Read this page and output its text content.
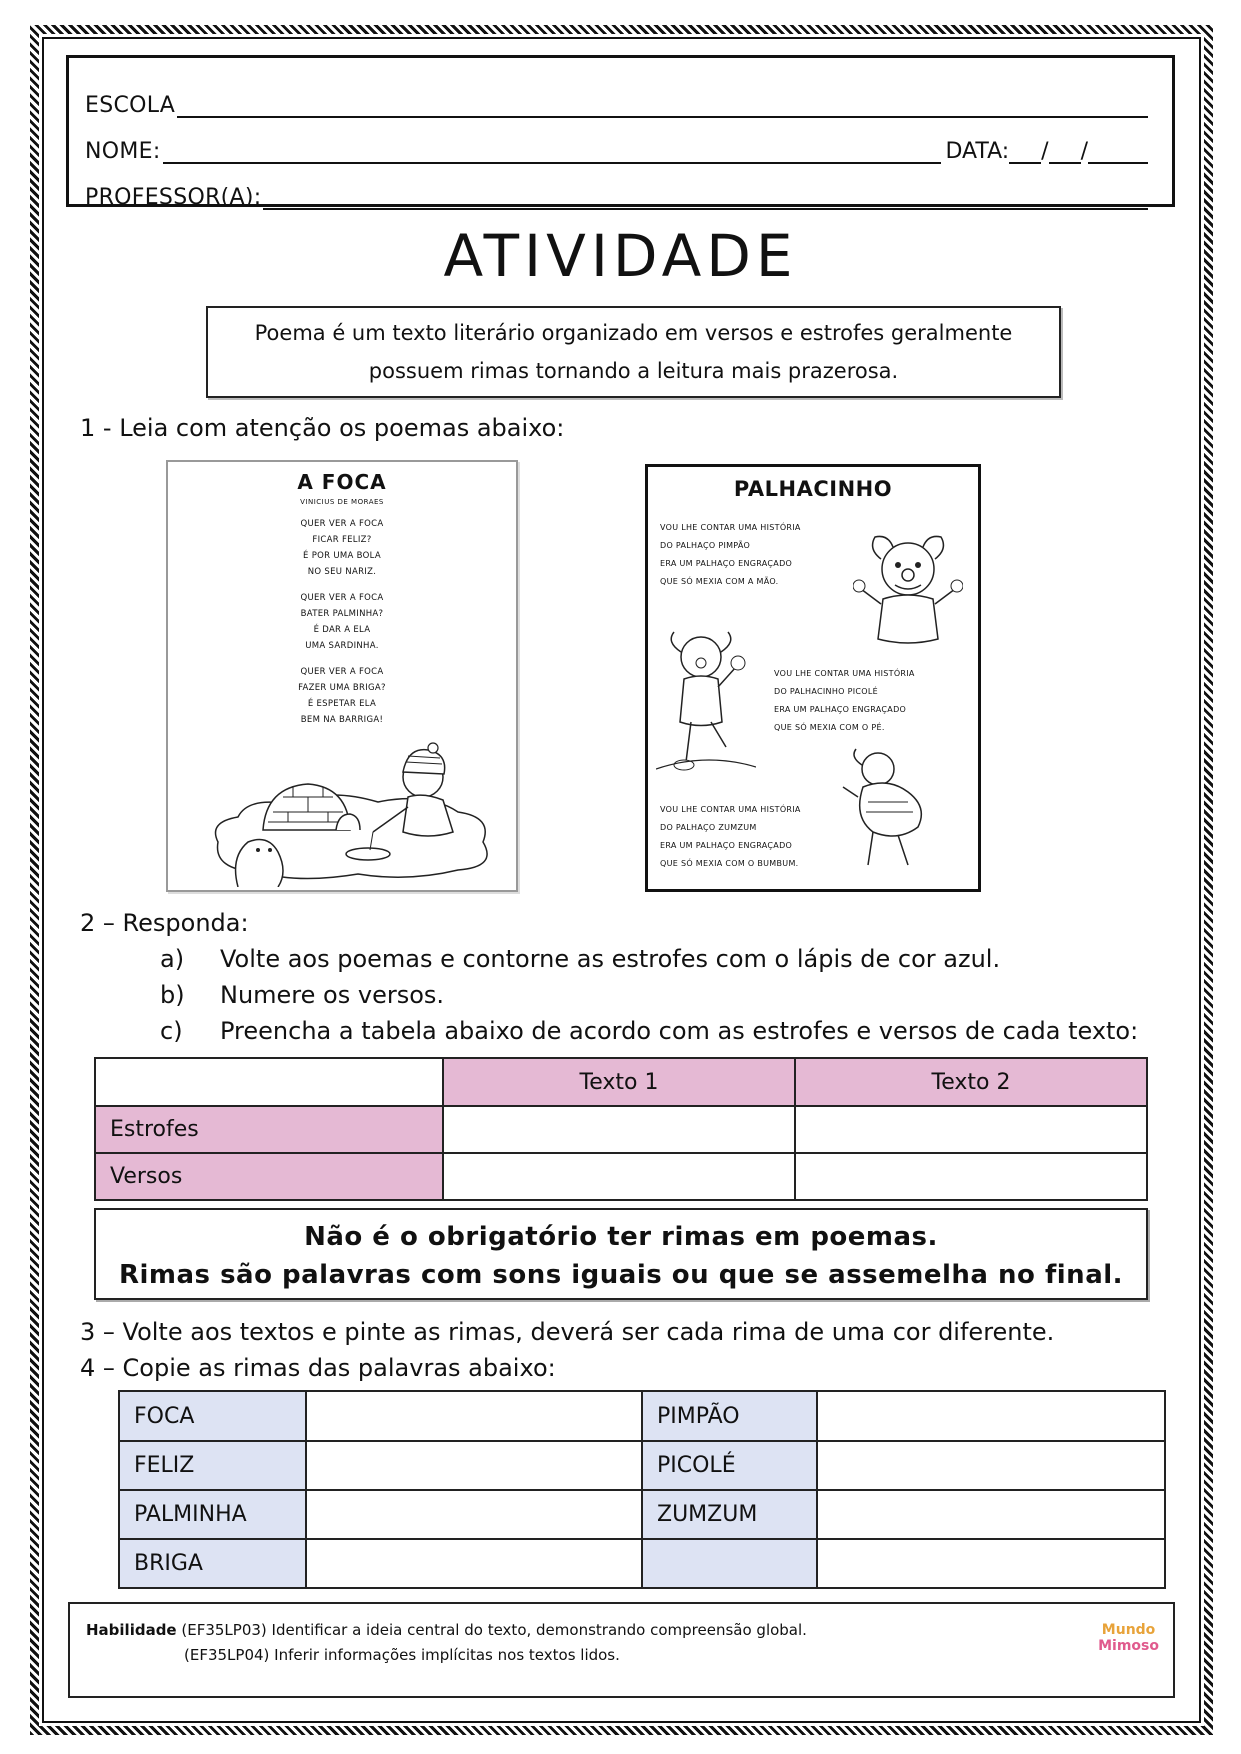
ESCOLA
NOME:	DATA: / /
PROFESSOR(A):
ATIVIDADE
Poema é um texto literário organizado em versos e estrofes geralmente possuem rimas tornando a leitura mais prazerosa.
1 - Leia com atenção os poemas abaixo:
A FOCA
VINICIUS DE MORAES
QUER VER A FOCA
FICAR FELIZ?
É POR UMA BOLA
NO SEU NARIZ.
QUER VER A FOCA
BATER PALMINHA?
É DAR A ELA
UMA SARDINHA.
QUER VER A FOCA
FAZER UMA BRIGA?
É ESPETAR ELA
BEM NA BARRIGA!
PALHACINHO
VOU LHE CONTAR UMA HISTÓRIA
DO PALHAÇO PIMPÃO
ERA UM PALHAÇO ENGRAÇADO
QUE SÓ MEXIA COM A MÃO.
VOU LHE CONTAR UMA HISTÓRIA
DO PALHACINHO PICOLÉ
ERA UM PALHAÇO ENGRAÇADO
QUE SÓ MEXIA COM O PÉ.
VOU LHE CONTAR UMA HISTÓRIA
DO PALHAÇO ZUMZUM
ERA UM PALHAÇO ENGRAÇADO
QUE SÓ MEXIA COM O BUMBUM.
2 – Responda:
a) Volte aos poemas e contorne as estrofes com o lápis de cor azul.
b) Numere os versos.
c) Preencha a tabela abaixo de acordo com as estrofes e versos de cada texto:
	Texto 1	Texto 2
Estrofes		
Versos		
Não é o obrigatório ter rimas em poemas.
Rimas são palavras com sons iguais ou que se assemelha no final.
3 – Volte aos textos e pinte as rimas, deverá ser cada rima de uma cor diferente.
4 – Copie as rimas das palavras abaixo:
FOCA		PIMPÃO	
FELIZ		PICOLÉ	
PALMINHA		ZUMZUM	
BRIGA			
Habilidade (EF35LP03) Identificar a ideia central do texto, demonstrando compreensão global.
(EF35LP04) Inferir informações implícitas nos textos lidos.
Mundo
Mimoso
